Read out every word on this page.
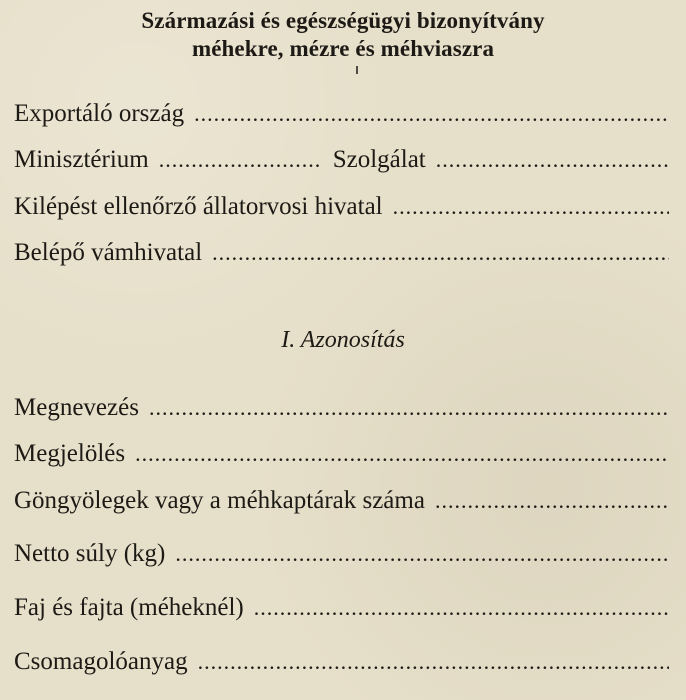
Származási és egészségügyi bizonyítvány
méhekre, mézre és méhviaszra
Exportáló ország
.....
Minisztérium
.....	Szolgálat
.....
Kilépést ellenőrző állatorvosi hivatal
.....
Belépő vámhivatal
.....
I. Azonosítás
Megnevezés
.....
Megjelölés
.....
Göngyölegek vagy a méhkaptárak száma
.....
Netto súly (kg)
.....
Faj és fajta (méheknél)
.....
Csomagolóanyag
.....
